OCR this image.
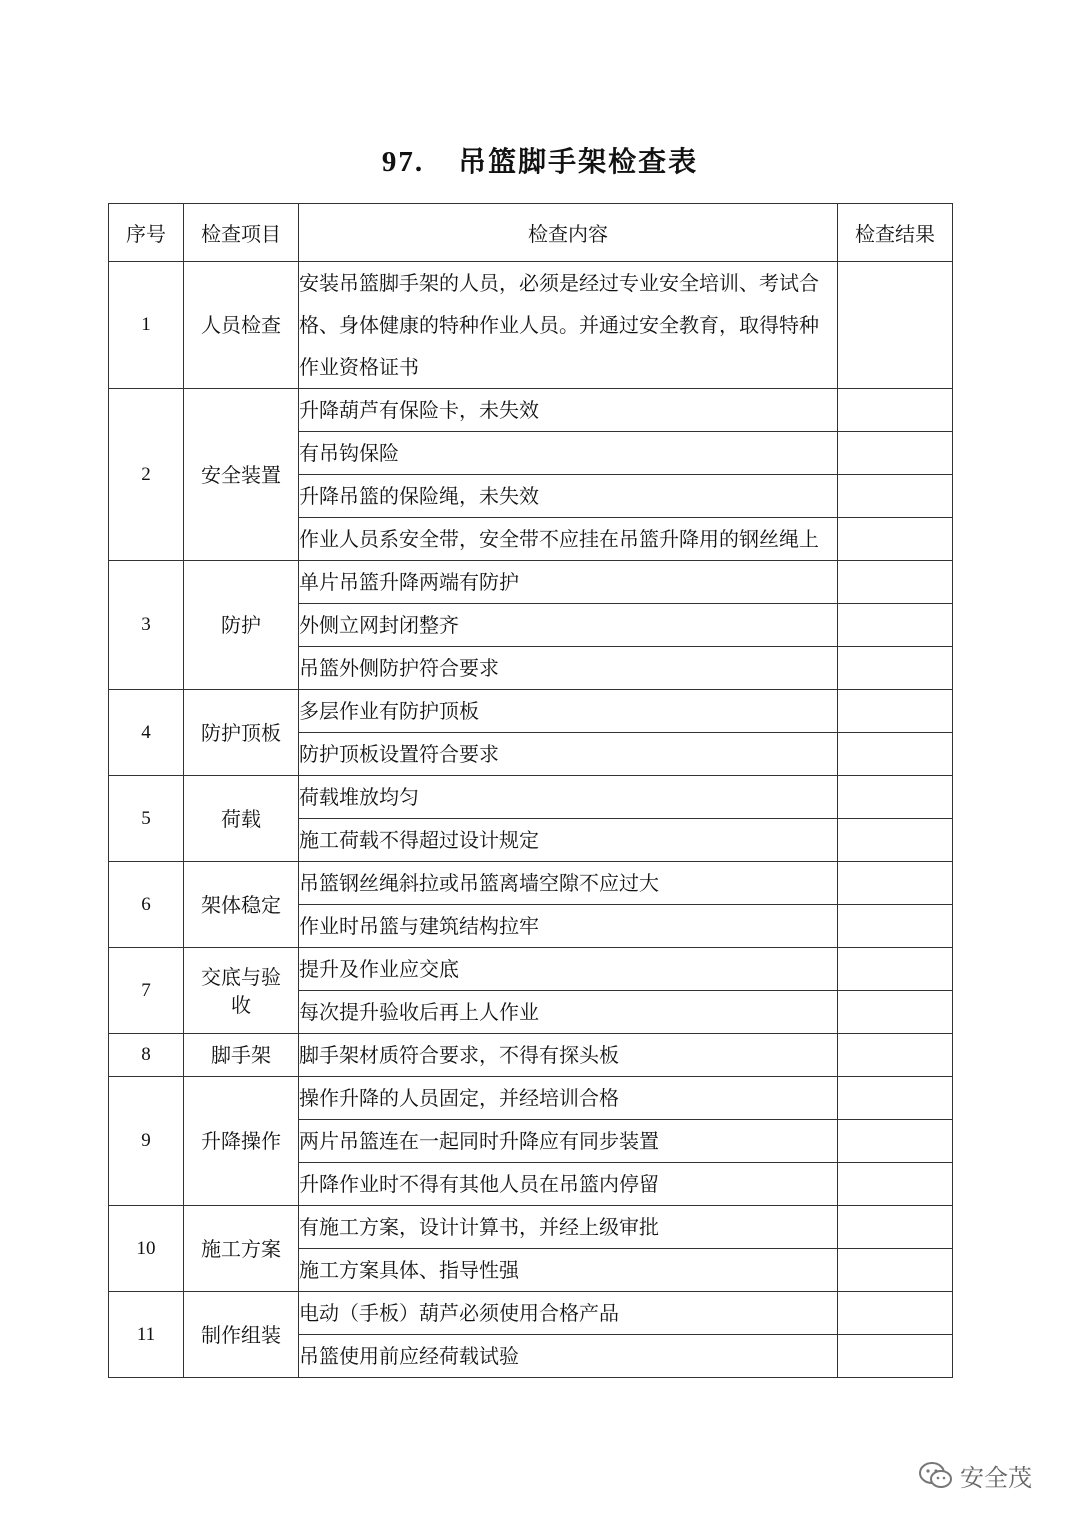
97. 吊篮脚手架检查表
序号	检查项目	检查内容	检查结果
1	人员检查	安装吊篮脚手架的人员，必须是经过专业安全培训、考试合格、身体健康的特种作业人员。并通过安全教育，取得特种作业资格证书	
2	安全装置	升降葫芦有保险卡，未失效	
		有吊钩保险	
		升降吊篮的保险绳，未失效	
		作业人员系安全带，安全带不应挂在吊篮升降用的钢丝绳上	
3	防护	单片吊篮升降两端有防护	
		外侧立网封闭整齐	
		吊篮外侧防护符合要求	
4	防护顶板	多层作业有防护顶板	
		防护顶板设置符合要求	
5	荷载	荷载堆放均匀	
		施工荷载不得超过设计规定	
6	架体稳定	吊篮钢丝绳斜拉或吊篮离墙空隙不应过大	
		作业时吊篮与建筑结构拉牢	
7	交底与验收	提升及作业应交底	
		每次提升验收后再上人作业	
8	脚手架	脚手架材质符合要求，不得有探头板	
9	升降操作	操作升降的人员固定，并经培训合格	
		两片吊篮连在一起同时升降应有同步装置	
		升降作业时不得有其他人员在吊篮内停留	
10	施工方案	有施工方案，设计计算书，并经上级审批	
		施工方案具体、指导性强	
11	制作组装	电动（手板）葫芦必须使用合格产品	
		吊篮使用前应经荷载试验	
安全茂
